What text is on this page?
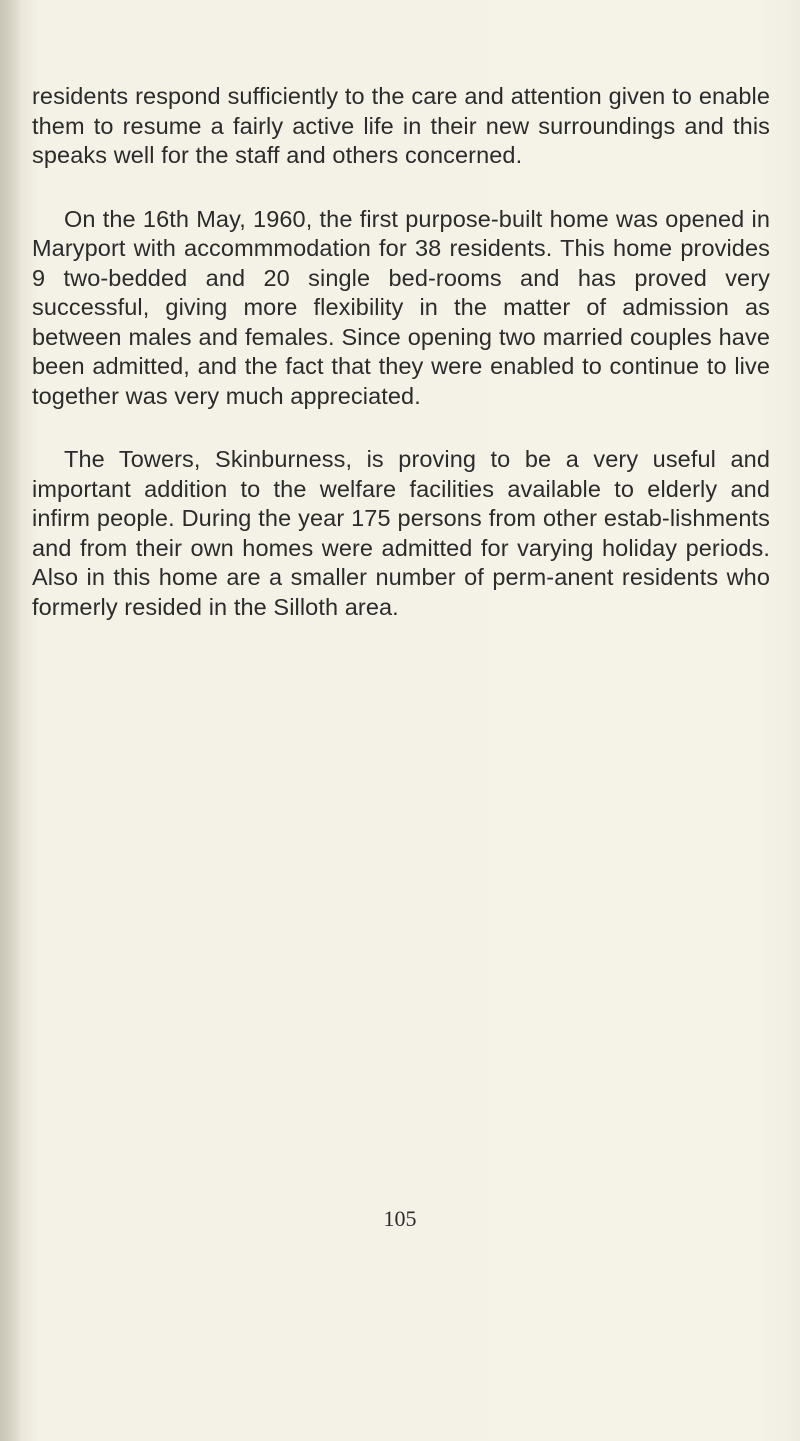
residents respond sufficiently to the care and attention given to enable them to resume a fairly active life in their new surroundings and this speaks well for the staff and others concerned.

On the 16th May, 1960, the first purpose-built home was opened in Maryport with accommmodation for 38 residents. This home provides 9 two-bedded and 20 single bed-rooms and has proved very successful, giving more flexibility in the matter of admission as between males and females. Since opening two married couples have been admitted, and the fact that they were enabled to continue to live together was very much appreciated.

The Towers, Skinburness, is proving to be a very useful and important addition to the welfare facilities available to elderly and infirm people. During the year 175 persons from other estab-lishments and from their own homes were admitted for varying holiday periods. Also in this home are a smaller number of perm-anent residents who formerly resided in the Silloth area.

105
